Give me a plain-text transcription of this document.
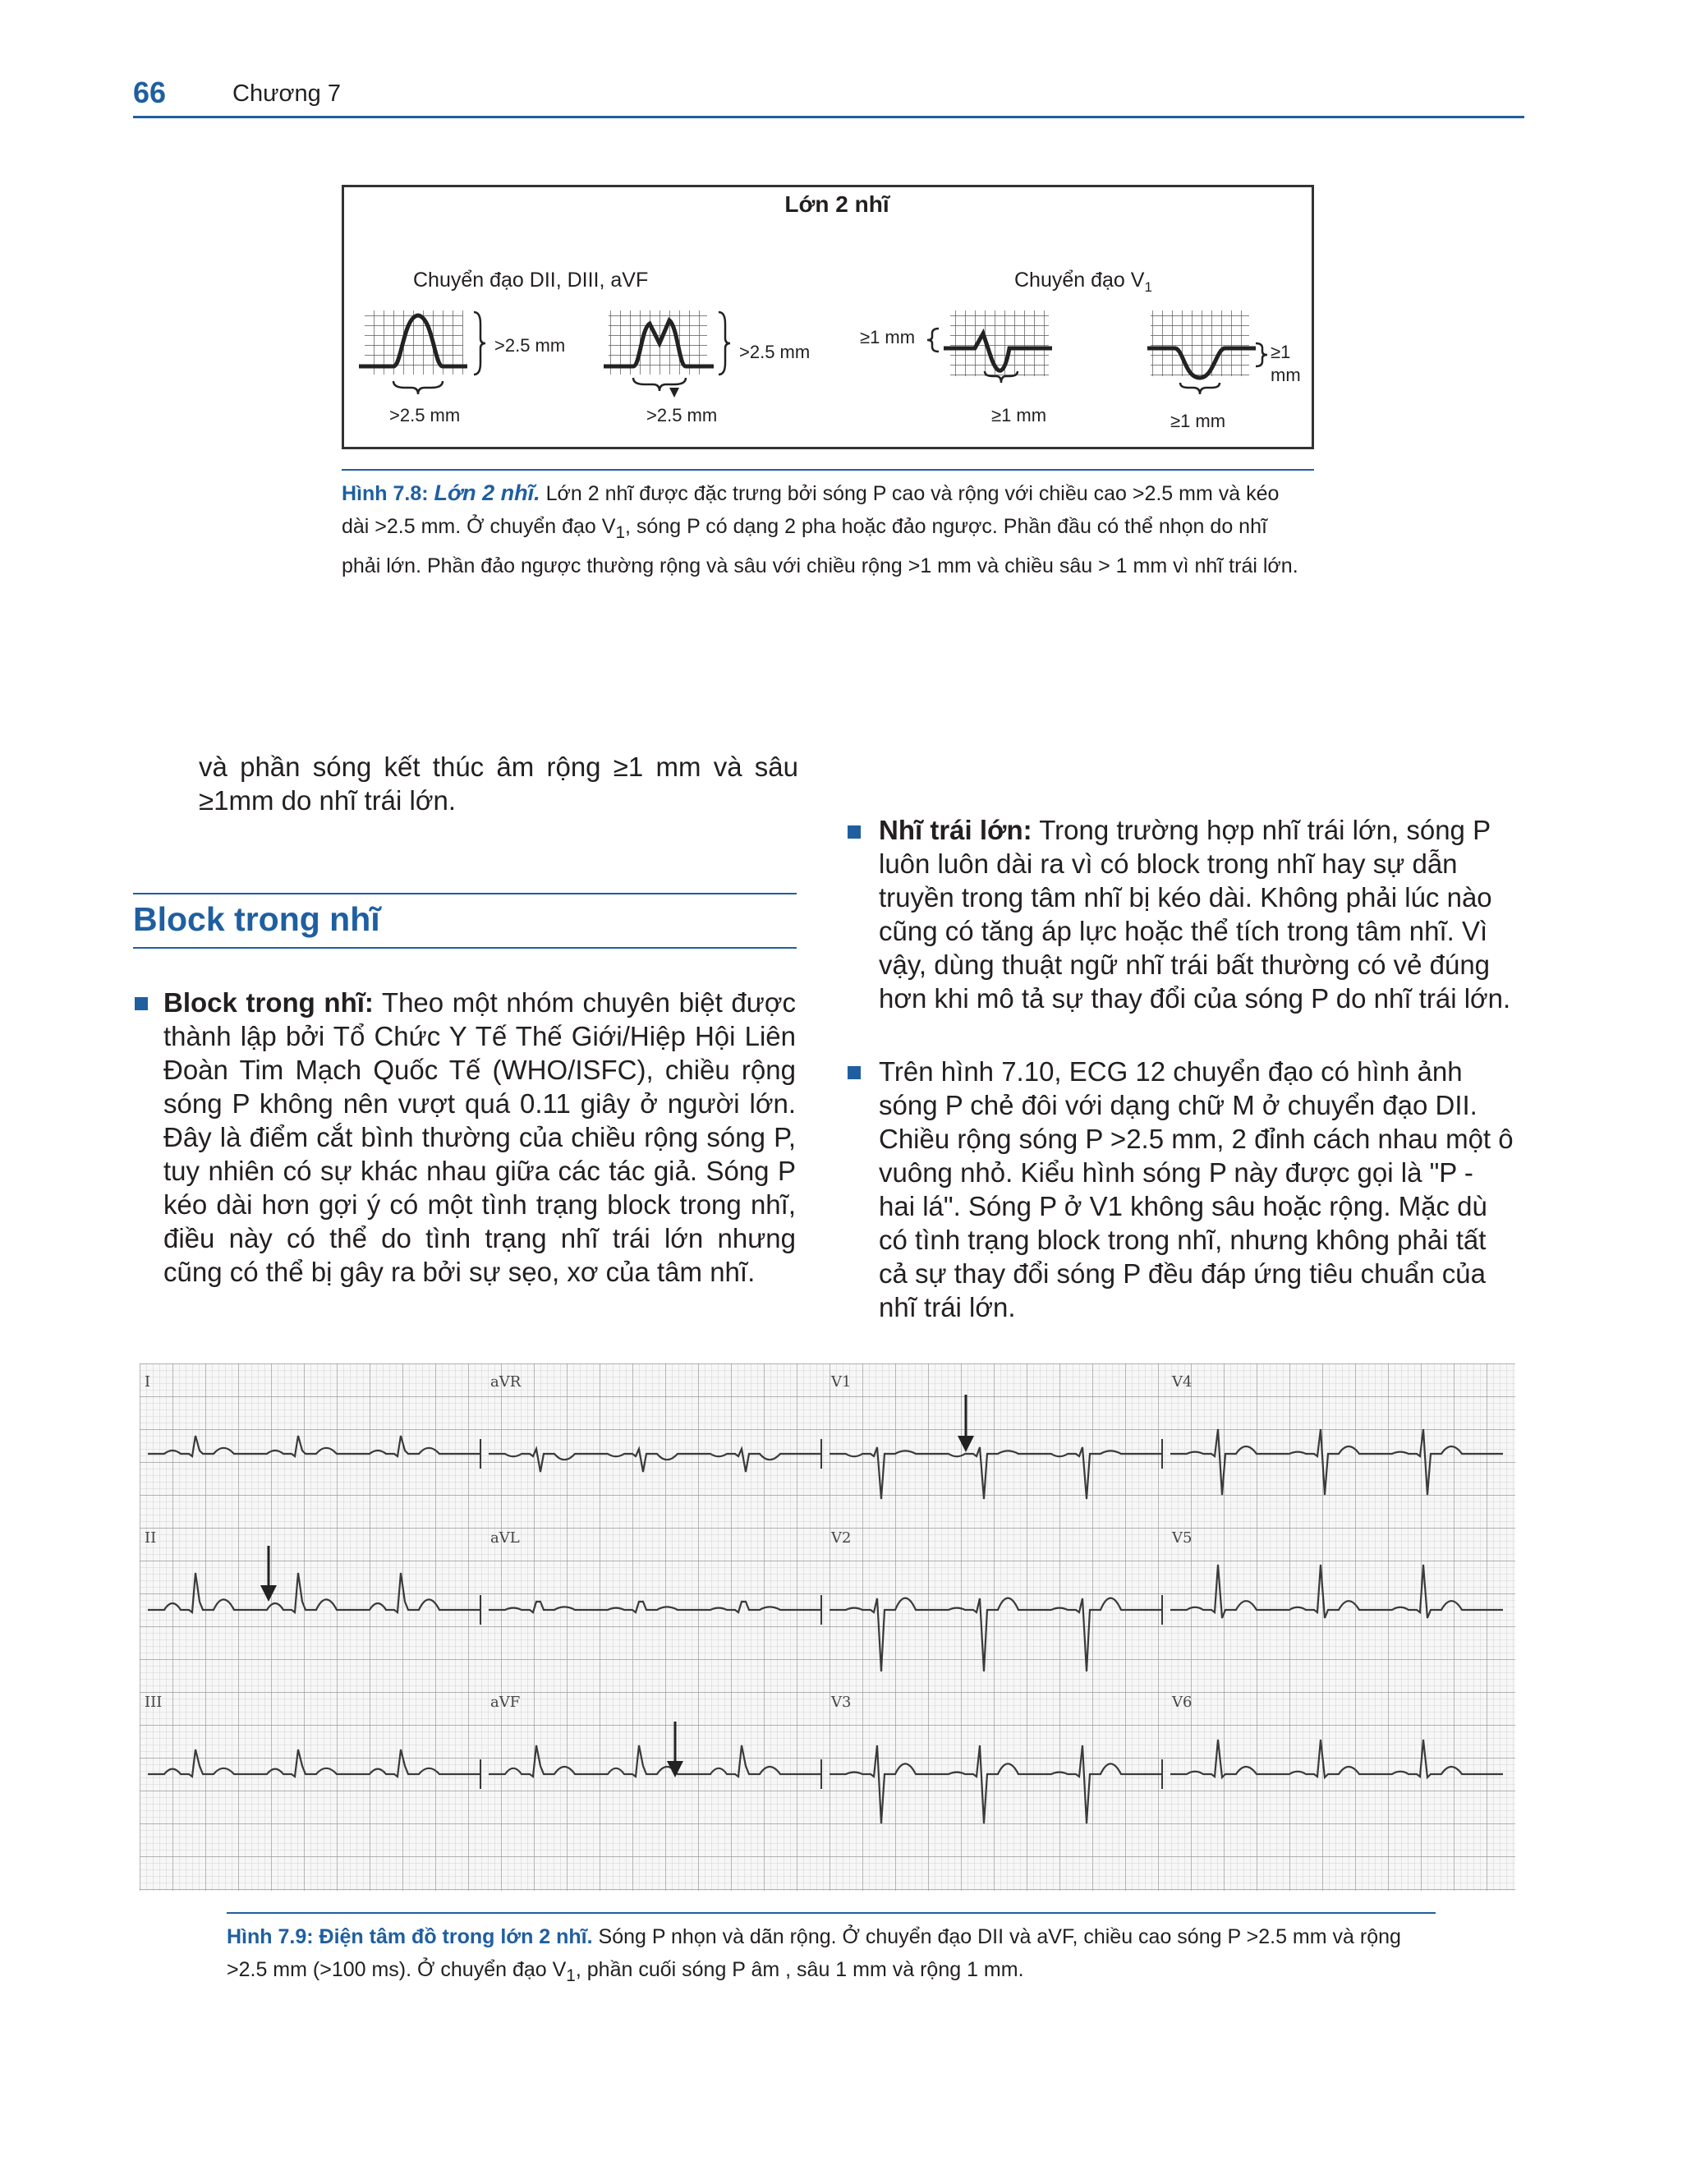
66	Chương 7
Lớn 2 nhĩ
Chuyển đạo DII, DIII, aVF	Chuyển đạo $V_1$
>2.5 mm
>2.5 mm
>2.5 mm
>2.5 mm
≥1 mm
≥1 mm
≥1
mm
≥1 mm
Hình 7.8: Lớn 2 nhĩ. Lớn 2 nhĩ được đặc trưng bởi sóng P cao và rộng với chiều cao >2.5 mm và kéo dài >2.5 mm. Ở chuyển đạo $V_1$, sóng P có dạng 2 pha hoặc đảo ngược. Phần đầu có thể nhọn do nhĩ phải lớn. Phần đảo ngược thường rộng và sâu với chiều rộng >1 mm và chiều sâu > 1 mm vì nhĩ trái lớn.
và phần sóng kết thúc âm rộng ≥1 mm và sâu ≥1mm do nhĩ trái lớn.
Block trong nhĩ
Block trong nhĩ: Theo một nhóm chuyên biệt được thành lập bởi Tổ Chức Y Tế Thế Giới/Hiệp Hội Liên Đoàn Tim Mạch Quốc Tế (WHO/ISFC), chiều rộng sóng P không nên vượt quá 0.11 giây ở người lớn. Đây là điểm cắt bình thường của chiều rộng sóng P, tuy nhiên có sự khác nhau giữa các tác giả. Sóng P kéo dài hơn gợi ý có một tình trạng block trong nhĩ, điều này có thể do tình trạng nhĩ trái lớn nhưng cũng có thể bị gây ra bởi sự sẹo, xơ của tâm nhĩ.
Nhĩ trái lớn: Trong trường hợp nhĩ trái lớn, sóng P luôn luôn dài ra vì có block trong nhĩ hay sự dẫn truyền trong tâm nhĩ bị kéo dài. Không phải lúc nào cũng có tăng áp lực hoặc thể tích trong tâm nhĩ. Vì vậy, dùng thuật ngữ nhĩ trái bất thường có vẻ đúng hơn khi mô tả sự thay đổi của sóng P do nhĩ trái lớn.
Trên hình 7.10, ECG 12 chuyển đạo có hình ảnh sóng P chẻ đôi với dạng chữ M ở chuyển đạo DII. Chiều rộng sóng P >2.5 mm, 2 đỉnh cách nhau một ô vuông nhỏ. Kiểu hình sóng P này được gọi là "P - hai lá". Sóng P ở V1 không sâu hoặc rộng. Mặc dù có tình trạng block trong nhĩ, nhưng không phải tất cả sự thay đổi sóng P đều đáp ứng tiêu chuẩn của nhĩ trái lớn.
I	aVR	V1	V4
II	aVL	V2	V5
III	aVF	V3	V6
Hình 7.9: Điện tâm đồ trong lớn 2 nhĩ. Sóng P nhọn và dãn rộng. Ở chuyển đạo DII và aVF, chiều cao sóng P >2.5 mm và rộng >2.5 mm (>100 ms). Ở chuyển đạo $V_1$, phần cuối sóng P âm , sâu 1 mm và rộng 1 mm.
